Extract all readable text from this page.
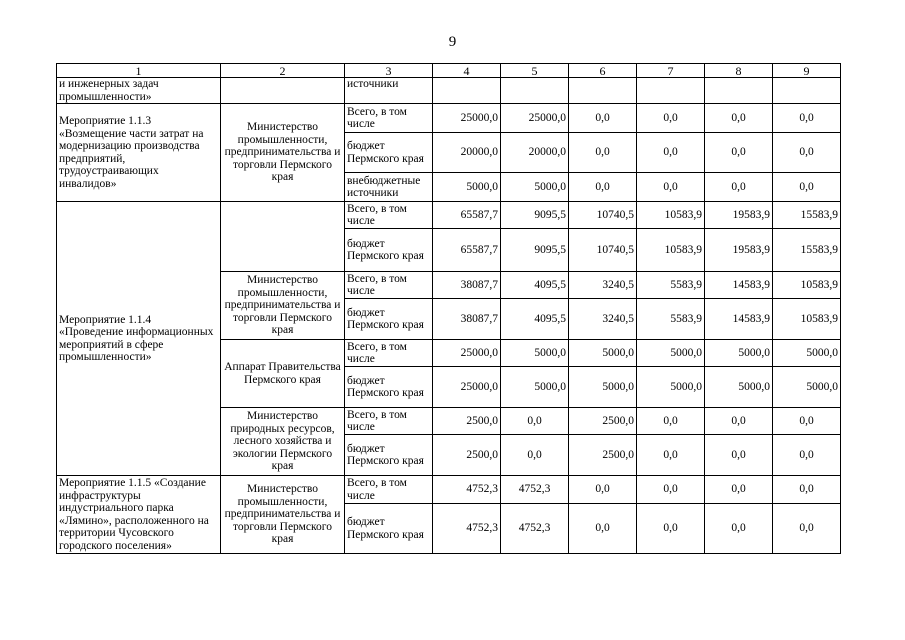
9
1	2	3	4	5	6	7	8	9
и инженерных задач промышленности»		источники						
Мероприятие 1.1.3 «Возмещение части затрат на модернизацию производства предприятий, трудоустраивающих инвалидов»	Министерство промышленности, предпринимательства и торговли Пермского края	Всего, в том числе	25000,0	25000,0	0,0	0,0	0,0	0,0
		бюджет Пермского края	20000,0	20000,0	0,0	0,0	0,0	0,0
		внебюджетные источники	5000,0	5000,0	0,0	0,0	0,0	0,0
Мероприятие 1.1.4 «Проведение информационных мероприятий в сфере промышленности»		Всего, в том числе	65587,7	9095,5	10740,5	10583,9	19583,9	15583,9
		бюджет Пермского края	65587,7	9095,5	10740,5	10583,9	19583,9	15583,9
	Министерство промышленности, предпринимательства и торговли Пермского края	Всего, в том числе	38087,7	4095,5	3240,5	5583,9	14583,9	10583,9
		бюджет Пермского края	38087,7	4095,5	3240,5	5583,9	14583,9	10583,9
	Аппарат Правительства Пермского края	Всего, в том числе	25000,0	5000,0	5000,0	5000,0	5000,0	5000,0
		бюджет Пермского края	25000,0	5000,0	5000,0	5000,0	5000,0	5000,0
	Министерство природных ресурсов, лесного хозяйства и экологии Пермского края	Всего, в том числе	2500,0	0,0	2500,0	0,0	0,0	0,0
		бюджет Пермского края	2500,0	0,0	2500,0	0,0	0,0	0,0
Мероприятие 1.1.5 «Создание инфраструктуры индустриального парка «Лямино», расположенного на территории Чусовского городского поселения»	Министерство промышленности, предпринимательства и торговли Пермского края	Всего, в том числе	4752,3	4752,3	0,0	0,0	0,0	0,0
		бюджет Пермского края	4752,3	4752,3	0,0	0,0	0,0	0,0
